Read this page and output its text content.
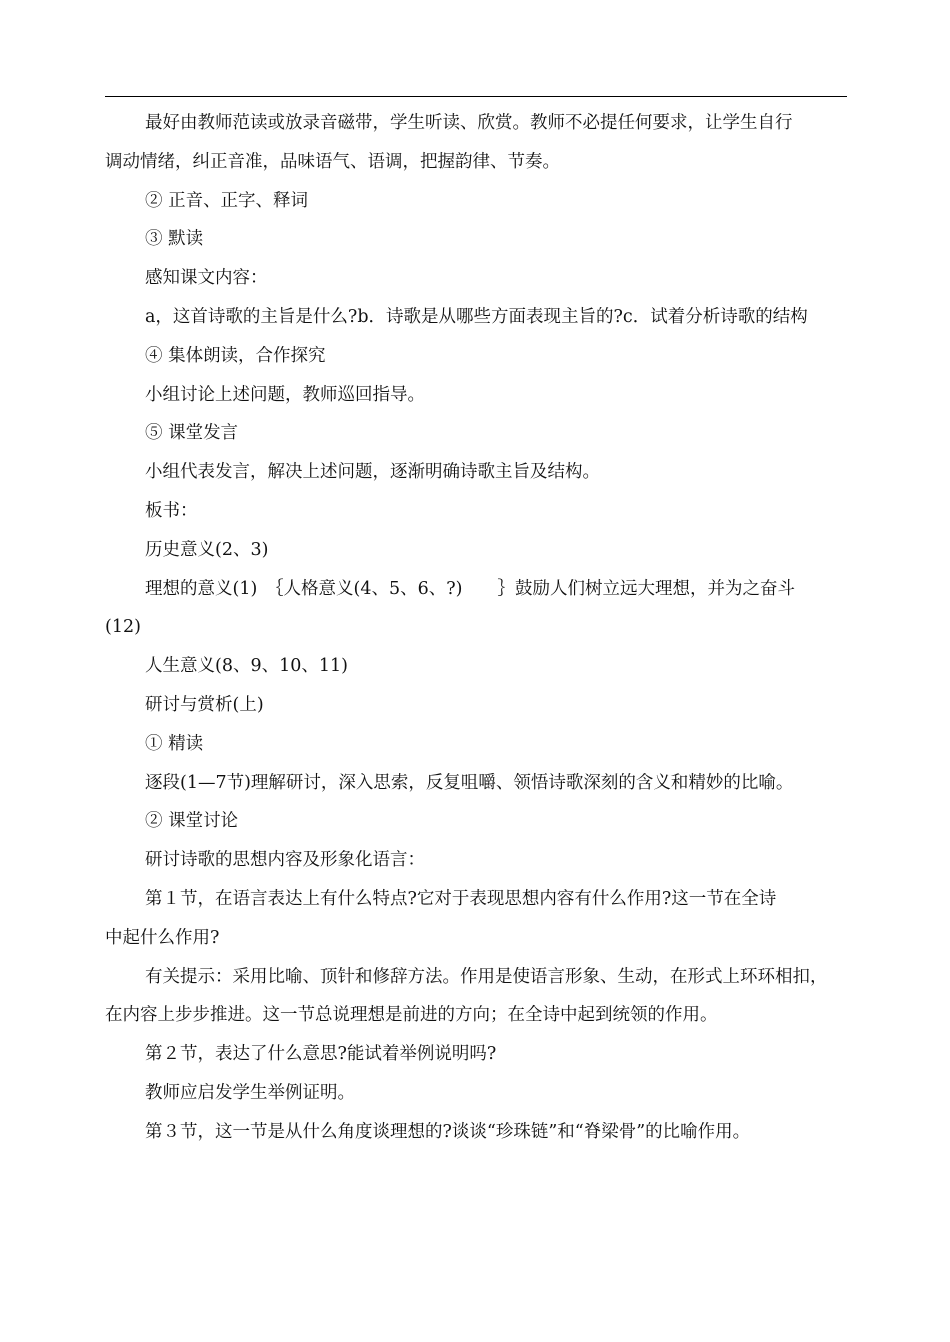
最好由教师范读或放录音磁带，学生听读、欣赏。教师不必提任何要求，让学生自行

调动情绪，纠正音准，品味语气、语调，把握韵律、节奏。

② 正音、正字、释词

③ 默读

感知课文内容：

a，这首诗歌的主旨是什么?b．诗歌是从哪些方面表现主旨的?c．试着分析诗歌的结构

④ 集体朗读，合作探究

小组讨论上述问题，教师巡回指导。

⑤ 课堂发言

小组代表发言，解决上述问题，逐渐明确诗歌主旨及结构。

板书：

历史意义(2、3)

理想的意义(1)　｛人格意义(4、5、6、?)　　｝鼓励人们树立远大理想，并为之奋斗

(12)

人生意义(8、9、10、11)

研讨与赏析(上)

① 精读

逐段(1—7节)理解研讨，深入思索，反复咀嚼、领悟诗歌深刻的含义和精妙的比喻。

② 课堂讨论

研讨诗歌的思想内容及形象化语言：

第１节，在语言表达上有什么特点?它对于表现思想内容有什么作用?这一节在全诗

中起什么作用?

有关提示：采用比喻、顶针和修辞方法。作用是使语言形象、生动，在形式上环环相扣，

在内容上步步推进。这一节总说理想是前进的方向；在全诗中起到统领的作用。

第２节，表达了什么意思?能试着举例说明吗?

教师应启发学生举例证明。

第３节，这一节是从什么角度谈理想的?谈谈“珍珠链”和“脊梁骨”的比喻作用。
